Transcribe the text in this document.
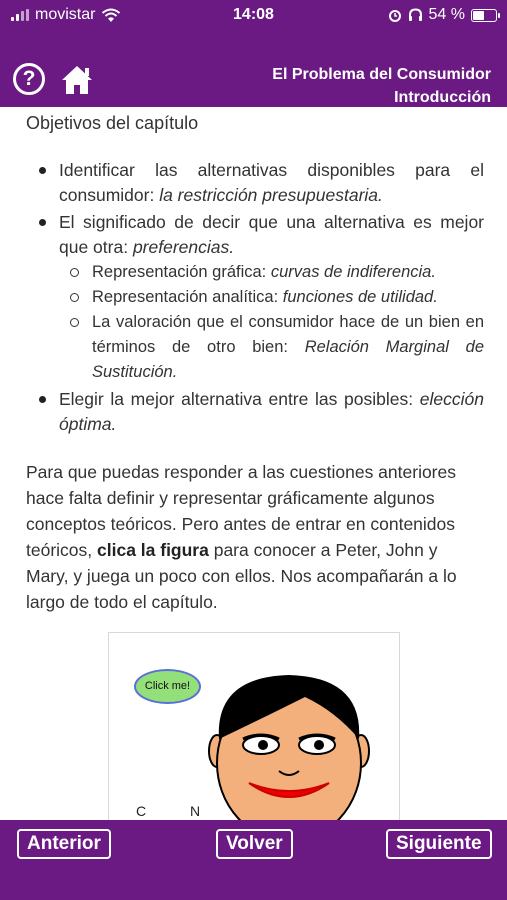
movistar	14:08	54 %
?	El Problema del Consumidor
Introducción
Objetivos del capítulo
Identificar las alternativas disponibles para el consumidor: la restricción presupuestaria.
El significado de decir que una alternativa es mejor que otra: preferencias.
Representación gráfica: curvas de indiferencia.
Representación analítica: funciones de utilidad.
La valoración que el consumidor hace de un bien en términos de otro bien: Relación Marginal de Sustitución.
Elegir la mejor alternativa entre las posibles: elección óptima.

Para que puedas responder a las cuestiones anteriores hace falta definir y representar gráficamente algunos conceptos teóricos. Pero antes de entrar en contenidos teóricos, clica la figura para conocer a Peter, John y Mary, y juega un poco con ellos. Nos acompañarán a lo largo de todo el capítulo.

Click me!
C N
Anterior	Volver	Siguiente
